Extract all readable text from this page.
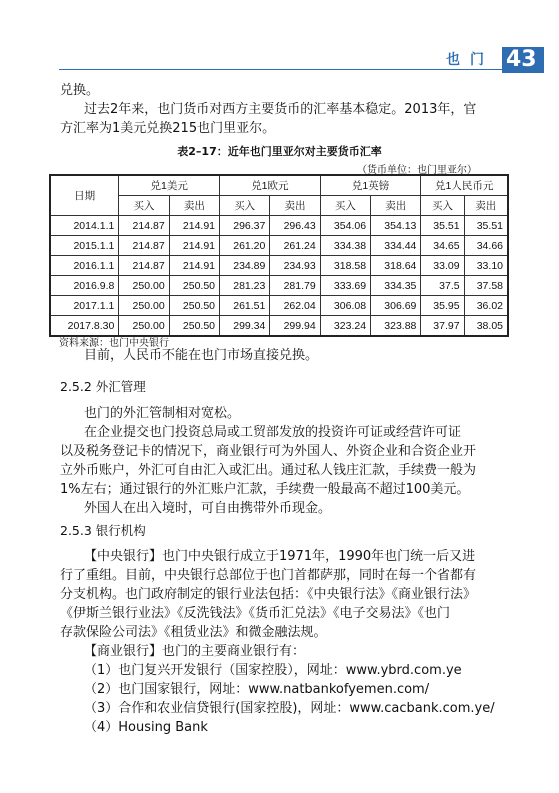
也门 43
兑换。
过去2年来，也门货币对西方主要货币的汇率基本稳定。2013年，官
方汇率为1美元兑换215也门里亚尔。
表2–17：近年也门里亚尔对主要货币汇率
（货币单位：也门里亚尔）
日期	兑1美元		兑1欧元		兑1英镑		兑1人民币元	
	买入	卖出	买入	卖出	买入	卖出	买入	卖出
2014.1.1	214.87	214.91	296.37	296.43	354.06	354.13	35.51	35.51
2015.1.1	214.87	214.91	261.20	261.24	334.38	334.44	34.65	34.66
2016.1.1	214.87	214.91	234.89	234.93	318.58	318.64	33.09	33.10
2016.9.8	250.00	250.50	281.23	281.79	333.69	334.35	37.5	37.58
2017.1.1	250.00	250.50	261.51	262.04	306.08	306.69	35.95	36.02
2017.8.30	250.00	250.50	299.34	299.94	323.24	323.88	37.97	38.05
资料来源：也门中央银行
目前，人民币不能在也门市场直接兑换。
2.5.2 外汇管理
也门的外汇管制相对宽松。
在企业提交也门投资总局或工贸部发放的投资许可证或经营许可证
以及税务登记卡的情况下，商业银行可为外国人、外资企业和合资企业开
立外币账户，外汇可自由汇入或汇出。通过私人钱庄汇款，手续费一般为
1%左右；通过银行的外汇账户汇款，手续费一般最高不超过100美元。
外国人在出入境时，可自由携带外币现金。
2.5.3 银行机构
【中央银行】也门中央银行成立于1971年，1990年也门统一后又进
行了重组。目前，中央银行总部位于也门首都萨那，同时在每一个省都有
分支机构。也门政府制定的银行业法包括：《中央银行法》《商业银行法》
《伊斯兰银行业法》《反洗钱法》《货币汇兑法》《电子交易法》《也门
存款保险公司法》《租赁业法》和微金融法规。
【商业银行】也门的主要商业银行有：
（1）也门复兴开发银行（国家控股），网址：www.ybrd.com.ye
（2）也门国家银行，网址：www.natbankofyemen.com/
（3）合作和农业信贷银行(国家控股)，网址：www.cacbank.com.ye/
（4）Housing Bank
